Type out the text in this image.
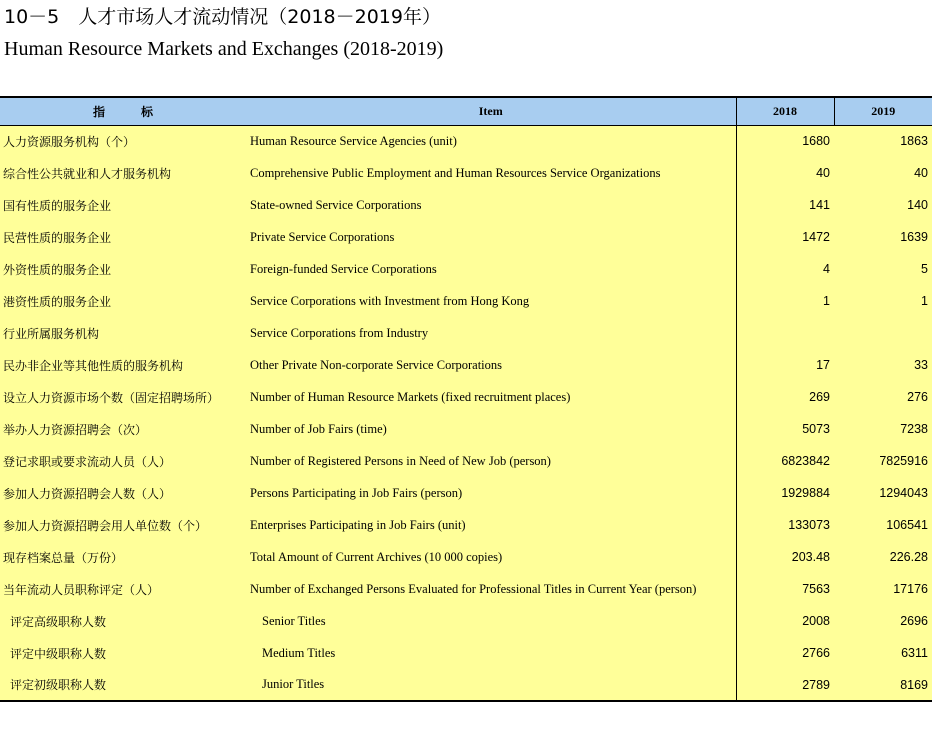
10－5　人才市场人才流动情况（2018－2019年）
Human Resource Markets and Exchanges (2018-2019)
指　　　标	Item	2018	2019
人力资源服务机构（个）	Human Resource Service Agencies (unit)	1680	1863
综合性公共就业和人才服务机构	Comprehensive Public Employment and Human Resources Service Organizations	40	40
国有性质的服务企业	State-owned Service Corporations	141	140
民营性质的服务企业	Private Service Corporations	1472	1639
外资性质的服务企业	Foreign-funded Service Corporations	4	5
港资性质的服务企业	Service Corporations with Investment from Hong Kong	1	1
行业所属服务机构	Service Corporations from Industry		
民办非企业等其他性质的服务机构	Other Private Non-corporate Service Corporations	17	33
设立人力资源市场个数（固定招聘场所）	Number of Human Resource Markets (fixed recruitment places)	269	276
举办人力资源招聘会（次）	Number of Job Fairs (time)	5073	7238
登记求职或要求流动人员（人）	Number of Registered Persons in Need of New Job (person)	6823842	7825916
参加人力资源招聘会人数（人）	Persons Participating in Job Fairs (person)	1929884	1294043
参加人力资源招聘会用人单位数（个）	Enterprises Participating in Job Fairs (unit)	133073	106541
现存档案总量（万份）	Total Amount of Current Archives (10 000 copies)	203.48	226.28
当年流动人员职称评定（人）	Number of Exchanged Persons Evaluated for Professional Titles in Current Year (person)	7563	17176
评定高级职称人数	Senior Titles	2008	2696
评定中级职称人数	Medium Titles	2766	6311
评定初级职称人数	Junior Titles	2789	8169
